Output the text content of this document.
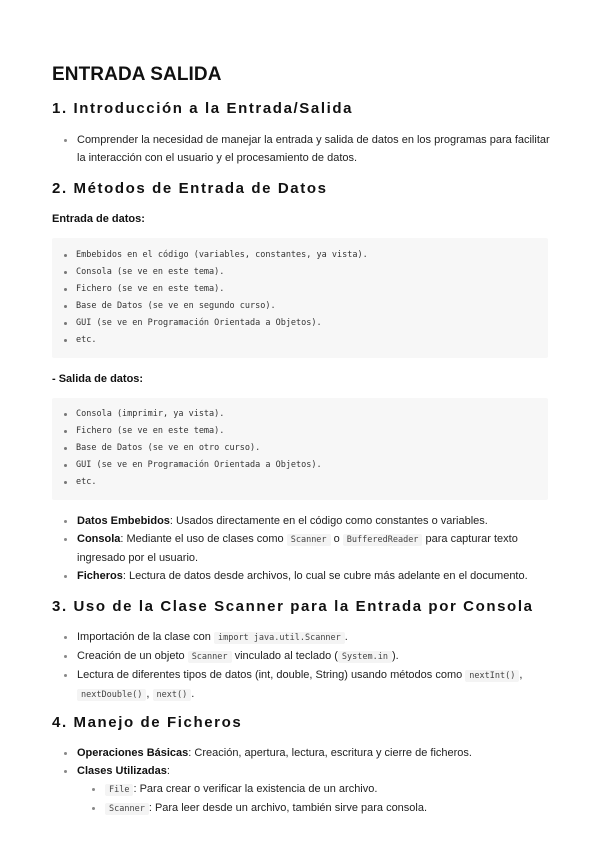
ENTRADA SALIDA
1. Introducción a la Entrada/Salida
Comprender la necesidad de manejar la entrada y salida de datos en los programas para facilitar la interacción con el usuario y el procesamiento de datos.
2. Métodos de Entrada de Datos

Entrada de datos:

Embebidos en el código (variables, constantes, ya vista).
Consola (se ve en este tema).
Fichero (se ve en este tema).
Base de Datos (se ve en segundo curso).
GUI (se ve en Programación Orientada a Objetos).
etc.

- Salida de datos:

Consola (imprimir, ya vista).
Fichero (se ve en este tema).
Base de Datos (se ve en otro curso).
GUI (se ve en Programación Orientada a Objetos).
etc.
Datos Embebidos: Usados directamente en el código como constantes o variables.
Consola: Mediante el uso de clases como Scanner o BufferedReader para capturar texto ingresado por el usuario.
Ficheros: Lectura de datos desde archivos, lo cual se cubre más adelante en el documento.
3. Uso de la Clase Scanner para la Entrada por Consola
Importación de la clase con import java.util.Scanner .
Creación de un objeto Scanner vinculado al teclado ( System.in ).
Lectura de diferentes tipos de datos (int, double, String) usando métodos como nextInt() , nextDouble() , next() .
4. Manejo de Ficheros
Operaciones Básicas: Creación, apertura, lectura, escritura y cierre de ficheros.
Clases Utilizadas:
File : Para crear o verificar la existencia de un archivo.
Scanner : Para leer desde un archivo, también sirve para consola.
